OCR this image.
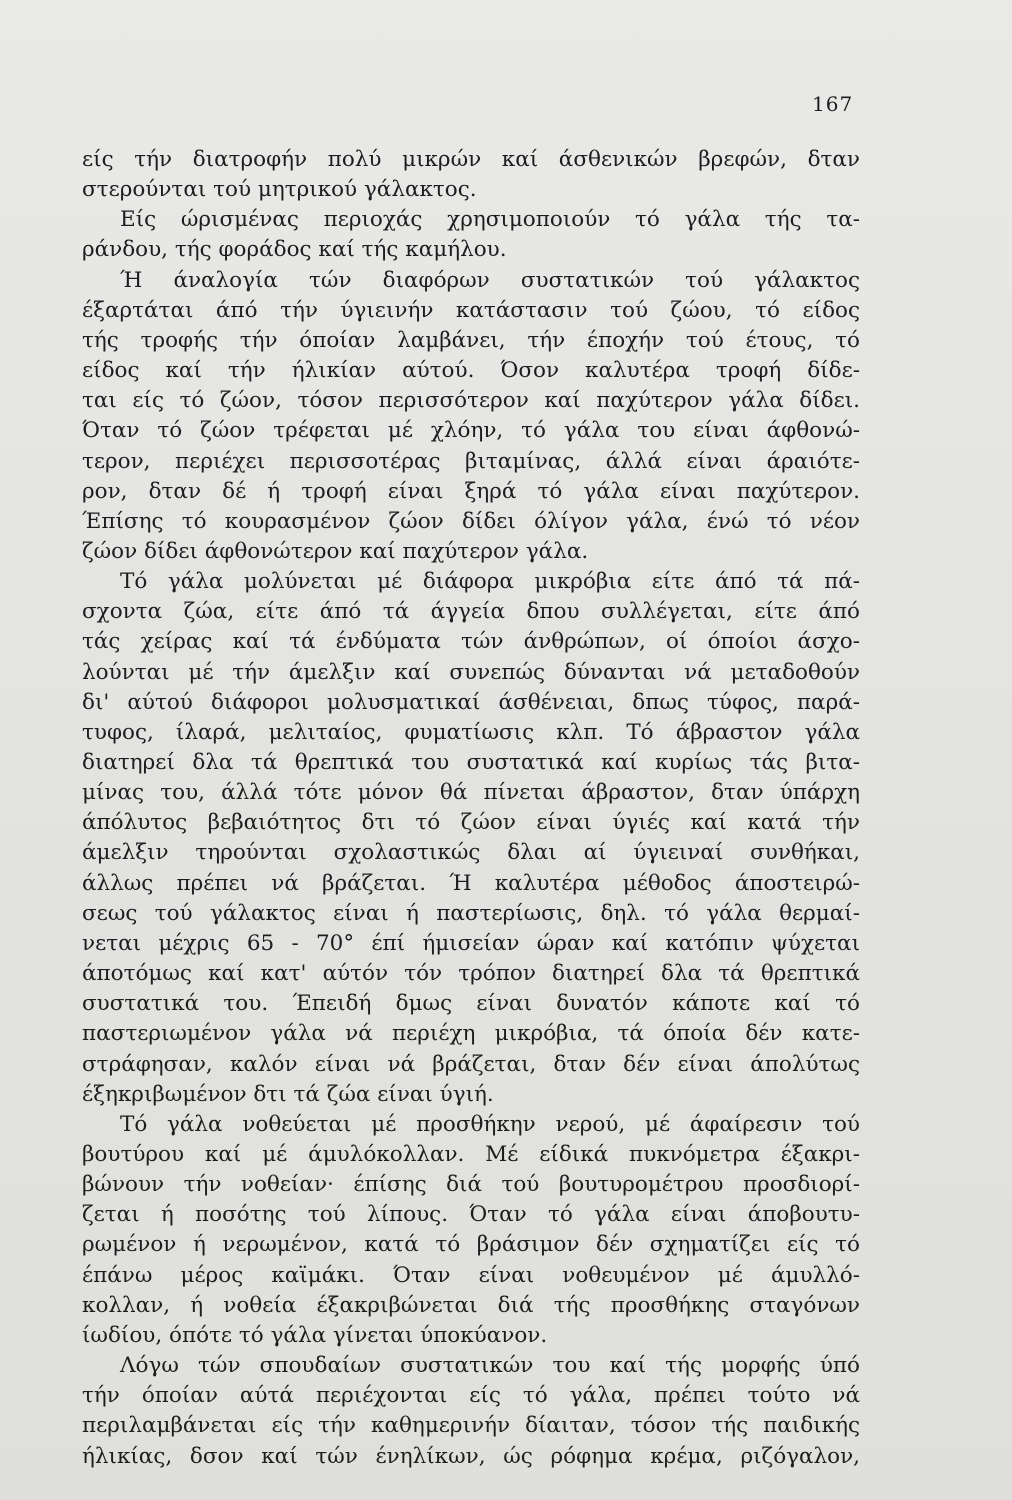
167
είς τήν διατροφήν πολύ μικρών καί άσθενικών βρεφών, δταν
στερούνται τού μητρικού γάλακτος.
Είς ώρισμένας περιοχάς χρησιμοποιούν τό γάλα τής τα-
ράνδου, τής φοράδος καί τής καμήλου.
Ή άναλογία τών διαφόρων συστατικών τού γάλακτος
έξαρτάται άπό τήν ύγιεινήν κατάστασιν τού ζώου, τό είδος
τής τροφής τήν όποίαν λαμβάνει, τήν έποχήν τού έτους, τό
είδος καί τήν ήλικίαν αύτού. Όσον καλυτέρα τροφή δίδε-
ται είς τό ζώον, τόσον περισσότερον καί παχύτερον γάλα δίδει.
Όταν τό ζώον τρέφεται μέ χλόην, τό γάλα του είναι άφθονώ-
τερον, περιέχει περισσοτέρας βιταμίνας, άλλά είναι άραιότε-
ρον, δταν δέ ή τροφή είναι ξηρά τό γάλα είναι παχύτερον.
Έπίσης τό κουρασμένον ζώον δίδει όλίγον γάλα, ένώ τό νέον
ζώον δίδει άφθονώτερον καί παχύτερον γάλα.
Τό γάλα μολύνεται μέ διάφορα μικρόβια είτε άπό τά πά-
σχοντα ζώα, είτε άπό τά άγγεία δπου συλλέγεται, είτε άπό
τάς χείρας καί τά ένδύματα τών άνθρώπων, οί όποίοι άσχο-
λούνται μέ τήν άμελξιν καί συνεπώς δύνανται νά μεταδοθούν
δι' αύτού διάφοροι μολυσματικαί άσθένειαι, δπως τύφος, παρά-
τυφος, ίλαρά, μελιταίος, φυματίωσις κλπ. Τό άβραστον γάλα
διατηρεί δλα τά θρεπτικά του συστατικά καί κυρίως τάς βιτα-
μίνας του, άλλά τότε μόνον θά πίνεται άβραστον, δταν ύπάρχη
άπόλυτος βεβαιότητος δτι τό ζώον είναι ύγιές καί κατά τήν
άμελξιν τηρούνται σχολαστικώς δλαι αί ύγιειναί συνθήκαι,
άλλως πρέπει νά βράζεται. Ή καλυτέρα μέθοδος άποστειρώ-
σεως τού γάλακτος είναι ή παστερίωσις, δηλ. τό γάλα θερμαί-
νεται μέχρις 65 - 70° έπί ήμισείαν ώραν καί κατόπιν ψύχεται
άποτόμως καί κατ' αύτόν τόν τρόπον διατηρεί δλα τά θρεπτικά
συστατικά του. Έπειδή δμως είναι δυνατόν κάποτε καί τό
παστεριωμένον γάλα νά περιέχη μικρόβια, τά όποία δέν κατε-
στράφησαν, καλόν είναι νά βράζεται, δταν δέν είναι άπολύτως
έξηκριβωμένον δτι τά ζώα είναι ύγιή.
Τό γάλα νοθεύεται μέ προσθήκην νερού, μέ άφαίρεσιν τού
βουτύρου καί μέ άμυλόκολλαν. Μέ είδικά πυκνόμετρα έξακρι-
βώνουν τήν νοθείαν· έπίσης διά τού βουτυρομέτρου προσδιορί-
ζεται ή ποσότης τού λίπους. Όταν τό γάλα είναι άποβουτυ-
ρωμένον ή νερωμένον, κατά τό βράσιμον δέν σχηματίζει είς τό
έπάνω μέρος καϊμάκι. Όταν είναι νοθευμένον μέ άμυλλό-
κολλαν, ή νοθεία έξακριβώνεται διά τής προσθήκης σταγόνων
ίωδίου, όπότε τό γάλα γίνεται ύποκύανον.
Λόγω τών σπουδαίων συστατικών του καί τής μορφής ύπό
τήν όποίαν αύτά περιέχονται είς τό γάλα, πρέπει τούτο νά
περιλαμβάνεται είς τήν καθημερινήν δίαιταν, τόσον τής παιδικής
ήλικίας, δσον καί τών ένηλίκων, ώς ρόφημα κρέμα, ριζόγαλον,
